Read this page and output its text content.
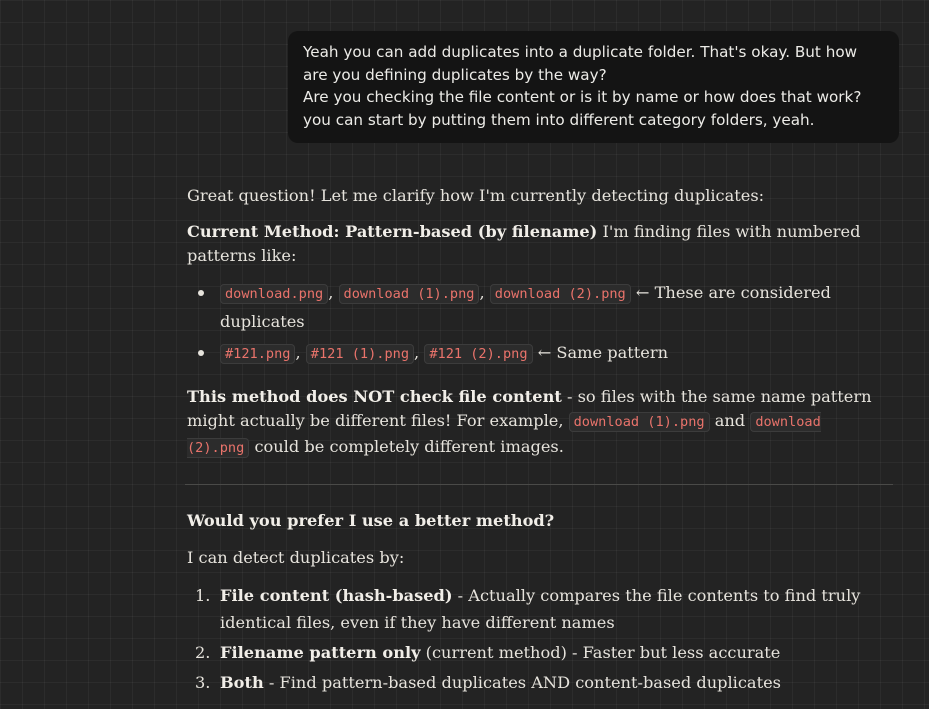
Yeah you can add duplicates into a duplicate folder. That's okay. But how are you defining duplicates by the way?

Are you checking the file content or is it by name or how does that work? you can start by putting them into different category folders, yeah.

Great question! Let me clarify how I'm currently detecting duplicates:

Current Method: Pattern-based (by filename) I'm finding files with numbered patterns like:

download.png , download (1).png , download (2).png ← These are considered duplicates
#121.png , #121 (1).png , #121 (2).png ← Same pattern

This method does NOT check file content - so files with the same name pattern might actually be different files! For example, download (1).png and download (2).png could be completely different images.

Would you prefer I use a better method?

I can detect duplicates by:

1. File content (hash-based) - Actually compares the file contents to find truly identical files, even if they have different names
2. Filename pattern only (current method) - Faster but less accurate
3. Both - Find pattern-based duplicates AND content-based duplicates
